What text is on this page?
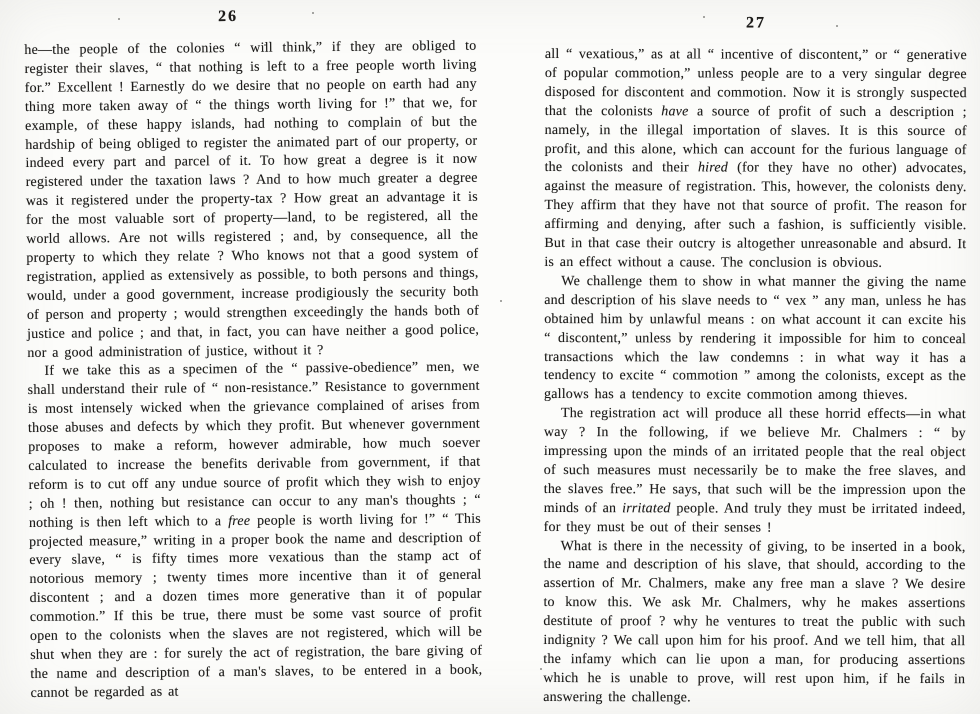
26

he—the people of the colonies “ will think,” if they are obliged to register their slaves, “ that nothing is left to a free people worth living for.” Excellent ! Earnestly do we desire that no people on earth had any thing more taken away of “ the things worth living for !” that we, for example, of these happy islands, had nothing to complain of but the hardship of being obliged to register the animated part of our property, or indeed every part and parcel of it. To how great a degree is it now registered under the taxation laws ? And to how much greater a degree was it registered under the property-tax ? How great an advantage it is for the most valuable sort of property—land, to be registered, all the world allows. Are not wills registered ; and, by consequence, all the property to which they relate ? Who knows not that a good system of registration, applied as extensively as possible, to both persons and things, would, under a good government, increase prodigiously the security both of person and property ; would strengthen exceedingly the hands both of justice and police ; and that, in fact, you can have neither a good police, nor a good administration of justice, without it ?

If we take this as a specimen of the “ passive-obedience” men, we shall understand their rule of “ non-resistance.” Resistance to government is most intensely wicked when the grievance complained of arises from those abuses and defects by which they profit. But whenever government proposes to make a reform, however admirable, how much soever calculated to increase the benefits derivable from government, if that reform is to cut off any undue source of profit which they wish to enjoy ; oh ! then, nothing but resistance can occur to any man's thoughts ; “ nothing is then left which to a free people is worth living for !” “ This projected measure,” writing in a proper book the name and description of every slave, “ is fifty times more vexatious than the stamp act of notorious memory ; twenty times more incentive than it of general discontent ; and a dozen times more generative than it of popular commotion.” If this be true, there must be some vast source of profit open to the colonists when the slaves are not registered, which will be shut when they are : for surely the act of registration, the bare giving of the name and description of a man's slaves, to be entered in a book, cannot be regarded as at

27

all “ vexatious,” as at all “ incentive of discontent,” or “ generative of popular commotion,” unless people are to a very singular degree disposed for discontent and commotion. Now it is strongly suspected that the colonists have a source of profit of such a description ; namely, in the illegal importation of slaves. It is this source of profit, and this alone, which can account for the furious language of the colonists and their hired (for they have no other) advocates, against the measure of registration. This, however, the colonists deny. They affirm that they have not that source of profit. The reason for affirming and denying, after such a fashion, is sufficiently visible. But in that case their outcry is altogether unreasonable and absurd. It is an effect without a cause. The conclusion is obvious.

We challenge them to show in what manner the giving the name and description of his slave needs to “ vex ” any man, unless he has obtained him by unlawful means : on what account it can excite his “ discontent,” unless by rendering it impossible for him to conceal transactions which the law condemns : in what way it has a tendency to excite “ commotion ” among the colonists, except as the gallows has a tendency to excite commotion among thieves.

The registration act will produce all these horrid effects—in what way ? In the following, if we believe Mr. Chalmers : “ by impressing upon the minds of an irritated people that the real object of such measures must necessarily be to make the free slaves, and the slaves free.” He says, that such will be the impression upon the minds of an irritated people. And truly they must be irritated indeed, for they must be out of their senses !

What is there in the necessity of giving, to be inserted in a book, the name and description of his slave, that should, according to the assertion of Mr. Chalmers, make any free man a slave ? We desire to know this. We ask Mr. Chalmers, why he makes assertions destitute of proof ? why he ventures to treat the public with such indignity ? We call upon him for his proof. And we tell him, that all the infamy which can lie upon a man, for producing assertions which he is unable to prove, will rest upon him, if he fails in answering the challenge.
